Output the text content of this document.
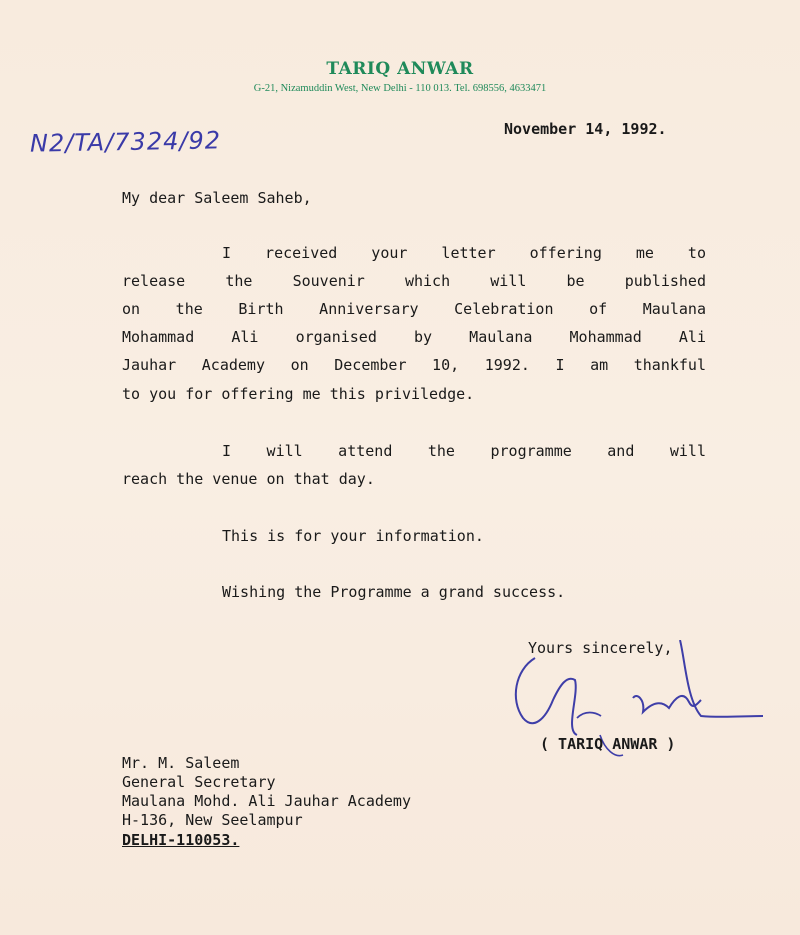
TARIQ ANWAR
G-21, Nizamuddin West, New Delhi - 110 013. Tel. 698556, 4633471
N2/TA/7324/92	November 14, 1992.
My dear Saleem Saheb,
I received your letter offering me to
release the Souvenir which will be published
on the Birth Anniversary Celebration of Maulana
Mohammad Ali organised by Maulana Mohammad Ali
Jauhar Academy on December 10, 1992. I am thankful
to you for offering me this priviledge.
I will attend the programme and will
reach the venue on that day.
This is for your information.
Wishing the Programme a grand success.
Yours sincerely,
( TARIQ ANWAR )
Mr. M. Saleem
General Secretary
Maulana Mohd. Ali Jauhar Academy
H-136, New Seelampur
DELHI-110053.
